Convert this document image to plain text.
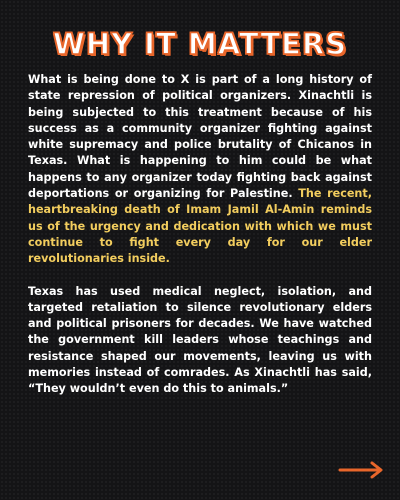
WHY IT MATTERS

What is being done to X is part of a long history of state repression of political organizers. Xinachtli is being subjected to this treatment because of his success as a community organizer fighting against white supremacy and police brutality of Chicanos in Texas. What is happening to him could be what happens to any organizer today fighting back against deportations or organizing for Palestine. The recent, heartbreaking death of Imam Jamil Al-Amin reminds us of the urgency and dedication with which we must continue to fight every day for our elder revolutionaries inside.

Texas has used medical neglect, isolation, and targeted retaliation to silence revolutionary elders and political prisoners for decades. We have watched the government kill leaders whose teachings and resistance shaped our movements, leaving us with memories instead of comrades. As Xinachtli has said, “They wouldn’t even do this to animals.”
